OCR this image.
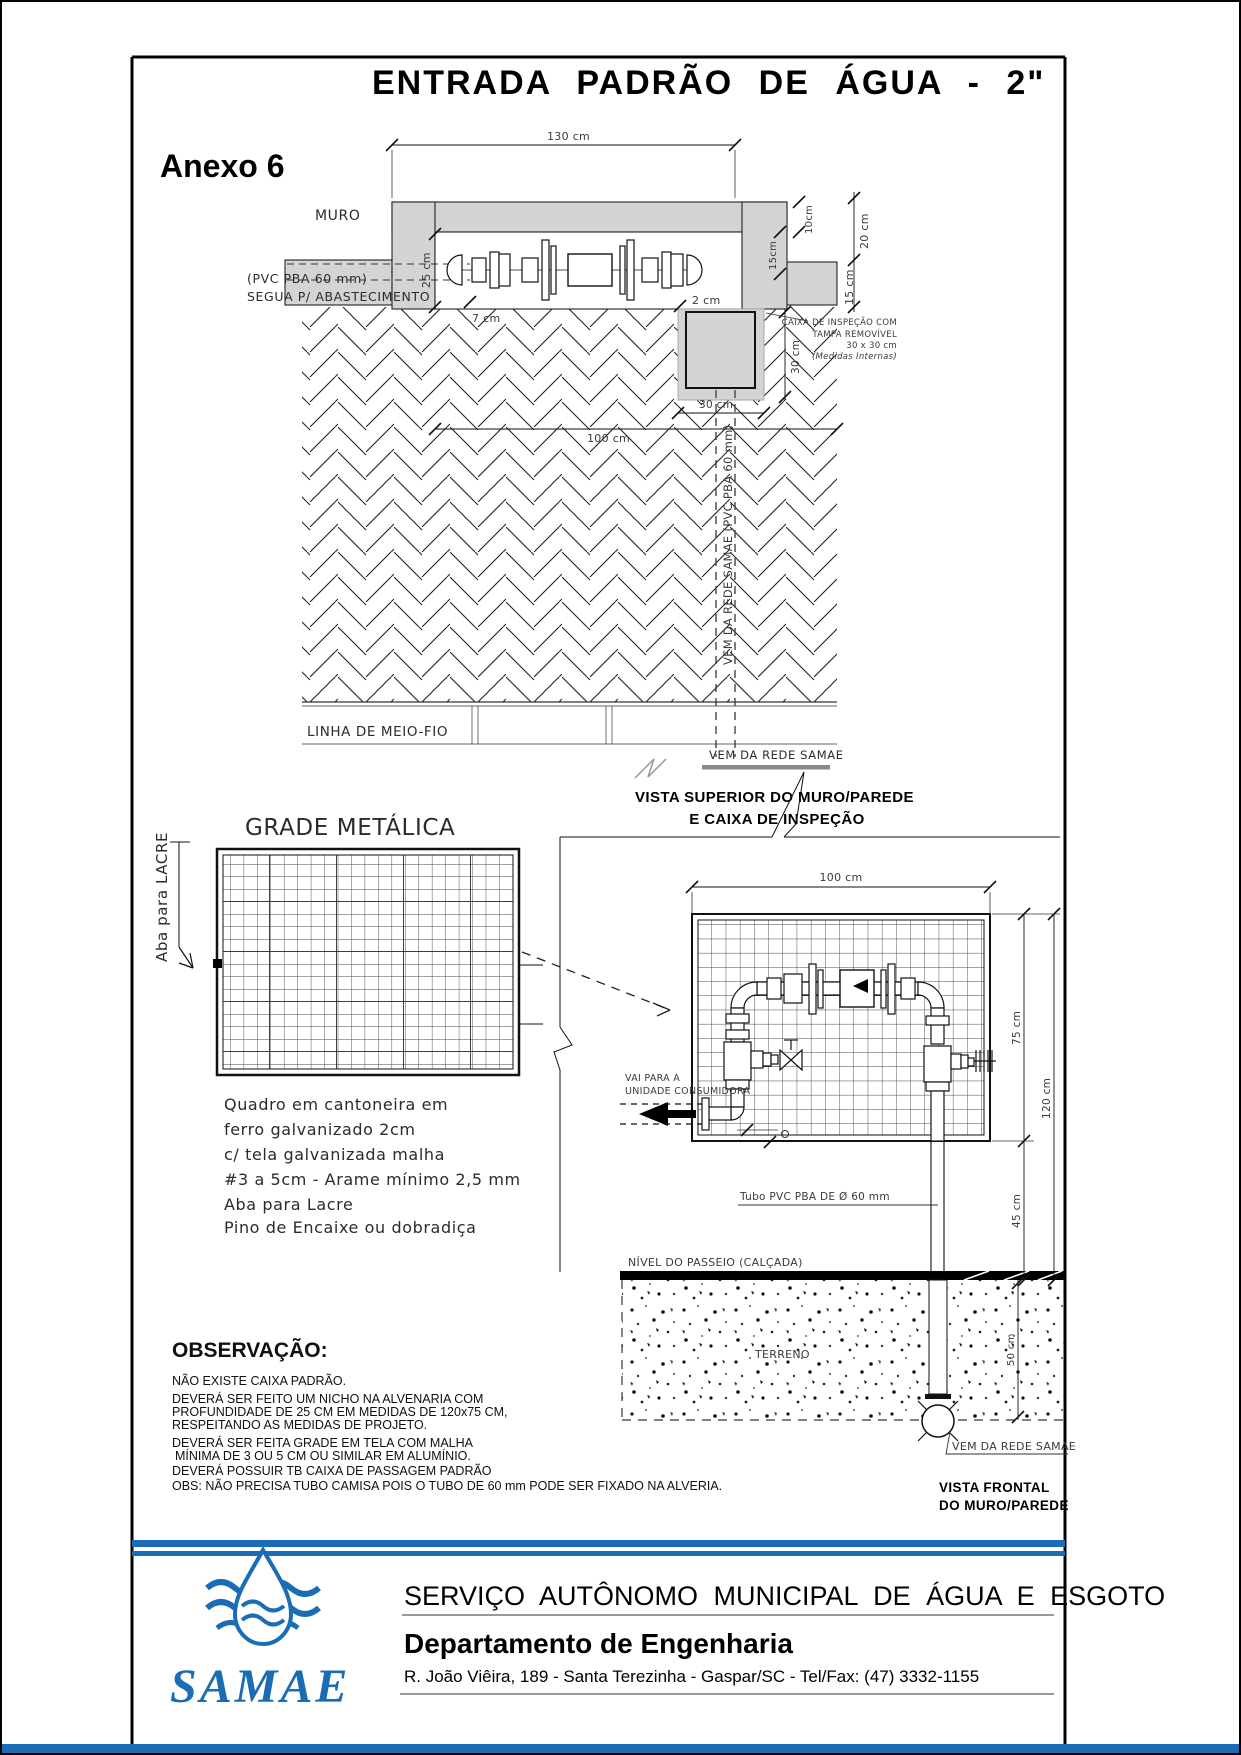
ENTRADA PADRÃO DE ÁGUA - 2"
Anexo 6
130 cm
VEM DA REDE SAMAE (PVC PBA 60 mm)
MURO
(PVC PBA 60 mm)
SEGUA P/ ABASTECIMENTO
25 cm
7 cm
2 cm
15cm
10cm	20 cm
15 cm
30 cm
30 cm
100 cm
CAIXA DE INSPEÇÃO COM
TAMPA REMOVÍVEL
30 x 30 cm
(Medidas Internas)
LINHA DE MEIO-FIO
VEM DA REDE SAMAE
VISTA SUPERIOR DO MURO/PAREDE
E CAIXA DE INSPEÇÃO
GRADE METÁLICA
Aba para LACRE
Quadro em cantoneira em
ferro galvanizado 2cm
c/ tela galvanizada malha
#3 a 5cm - Arame mínimo 2,5 mm
Aba para Lacre
Pino de Encaixe ou dobradiça
100 cm
VAI PARA A
UNIDADE CONSUMIDORA
Tubo PVC PBA DE Ø 60 mm
NÍVEL DO PASSEIO (CALÇADA)
TERRENO
VEM DA REDE SAMAE
50 cm
75 cm
45 cm
120 cm
VISTA FRONTAL
DO MURO/PAREDE
OBSERVAÇÃO:
NÃO EXISTE CAIXA PADRÃO.
DEVERÁ SER FEITO UM NICHO NA ALVENARIA COM
PROFUNDIDADE DE 25 CM EM MEDIDAS DE 120x75 CM,
RESPEITANDO AS MEDIDAS DE PROJETO.
DEVERÁ SER FEITA GRADE EM TELA COM MALHA
MÍNIMA DE 3 OU 5 CM OU SIMILAR EM ALUMÍNIO.
DEVERÁ POSSUIR TB CAIXA DE PASSAGEM PADRÃO
OBS: NÃO PRECISA TUBO CAMISA POIS O TUBO DE 60 mm PODE SER FIXADO NA ALVERIA.
SAMAE
SERVIÇO AUTÔNOMO MUNICIPAL DE ÁGUA E ESGOTO
Departamento de Engenharia
R. João Viêira, 189 - Santa Terezinha - Gaspar/SC - Tel/Fax: (47) 3332-1155
